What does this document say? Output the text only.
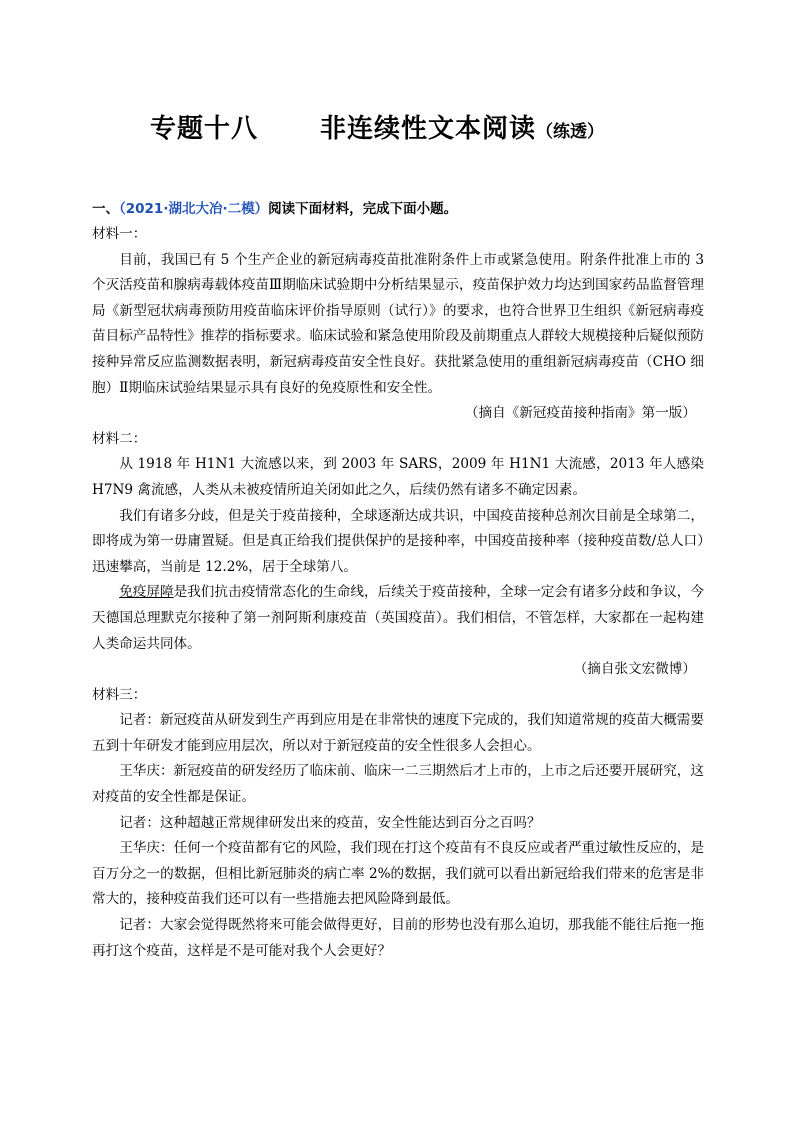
专题十八 非连续性文本阅读（练透）
一、（2021·湖北大冶·二模）阅读下面材料，完成下面小题。

材料一：

目前，我国已有 5 个生产企业的新冠病毒疫苗批准附条件上市或紧急使用。附条件批准上市的 3 个灭活疫苗和腺病毒载体疫苗Ⅲ期临床试验期中分析结果显示，疫苗保护效力均达到国家药品监督管理局《新型冠状病毒预防用疫苗临床评价指导原则（试行）》的要求，也符合世界卫生组织《新冠病毒疫苗目标产品特性》推荐的指标要求。临床试验和紧急使用阶段及前期重点人群较大规模接种后疑似预防接种异常反应监测数据表明，新冠病毒疫苗安全性良好。获批紧急使用的重组新冠病毒疫苗（CHO 细胞）Ⅱ期临床试验结果显示具有良好的免疫原性和安全性。

（摘自《新冠疫苗接种指南》第一版）

材料二：

从 1918 年 H1N1 大流感以来，到 2003 年 SARS，2009 年 H1N1 大流感，2013 年人感染 H7N9 禽流感，人类从未被疫情所迫关闭如此之久，后续仍然有诸多不确定因素。

我们有诸多分歧，但是关于疫苗接种，全球逐渐达成共识，中国疫苗接种总剂次目前是全球第二，即将成为第一毋庸置疑。但是真正给我们提供保护的是接种率，中国疫苗接种率（接种疫苗数/总人口）迅速攀高，当前是 12.2%，居于全球第八。

免疫屏障是我们抗击疫情常态化的生命线，后续关于疫苗接种，全球一定会有诸多分歧和争议，今天德国总理默克尔接种了第一剂阿斯利康疫苗（英国疫苗）。我们相信，不管怎样，大家都在一起构建人类命运共同体。

（摘自张文宏微博）

材料三：

记者：新冠疫苗从研发到生产再到应用是在非常快的速度下完成的，我们知道常规的疫苗大概需要五到十年研发才能到应用层次，所以对于新冠疫苗的安全性很多人会担心。

王华庆：新冠疫苗的研发经历了临床前、临床一二三期然后才上市的，上市之后还要开展研究，这对疫苗的安全性都是保证。

记者：这种超越正常规律研发出来的疫苗，安全性能达到百分之百吗？

王华庆：任何一个疫苗都有它的风险，我们现在打这个疫苗有不良反应或者严重过敏性反应的，是百万分之一的数据，但相比新冠肺炎的病亡率 2%的数据，我们就可以看出新冠给我们带来的危害是非常大的，接种疫苗我们还可以有一些措施去把风险降到最低。

记者：大家会觉得既然将来可能会做得更好，目前的形势也没有那么迫切，那我能不能往后拖一拖再打这个疫苗，这样是不是可能对我个人会更好？
